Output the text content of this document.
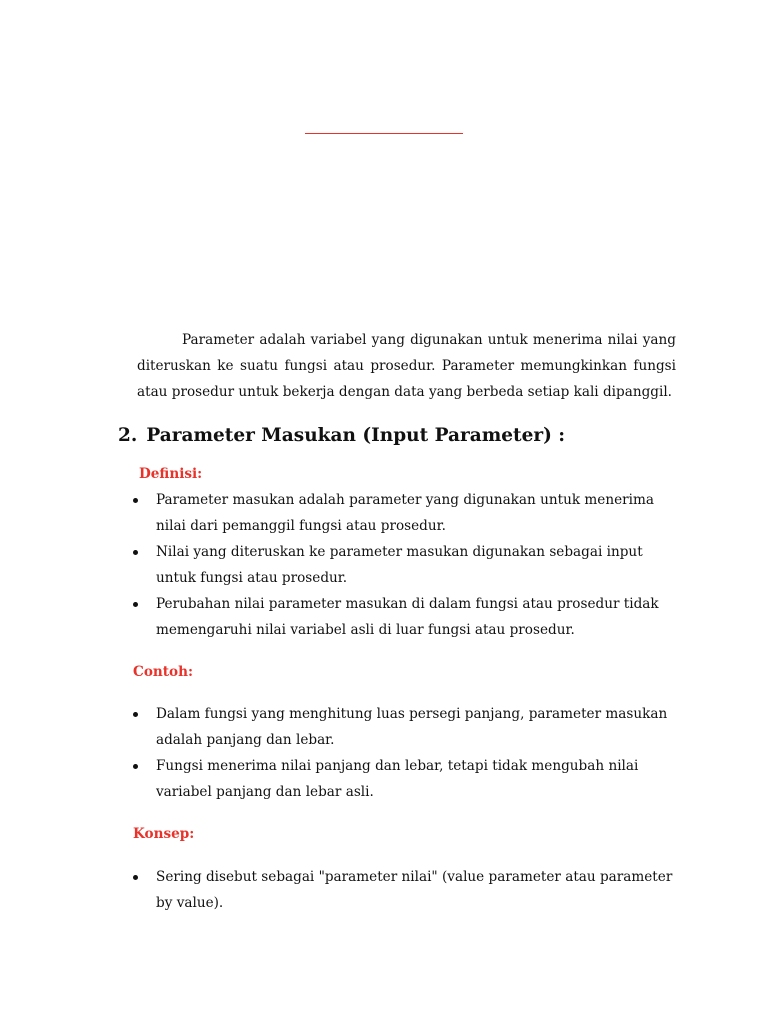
Parameter adalah variabel yang digunakan untuk menerima nilai yang diteruskan ke suatu fungsi atau prosedur. Parameter memungkinkan fungsi atau prosedur untuk bekerja dengan data yang berbeda setiap kali dipanggil.

2. Parameter Masukan (Input Parameter) :

Definisi:

Parameter masukan adalah parameter yang digunakan untuk menerima nilai dari pemanggil fungsi atau prosedur.
Nilai yang diteruskan ke parameter masukan digunakan sebagai input untuk fungsi atau prosedur.
Perubahan nilai parameter masukan di dalam fungsi atau prosedur tidak memengaruhi nilai variabel asli di luar fungsi atau prosedur.

Contoh:

Dalam fungsi yang menghitung luas persegi panjang, parameter masukan adalah panjang dan lebar.
Fungsi menerima nilai panjang dan lebar, tetapi tidak mengubah nilai variabel panjang dan lebar asli.

Konsep:

Sering disebut sebagai "parameter nilai" (value parameter atau parameter by value).
